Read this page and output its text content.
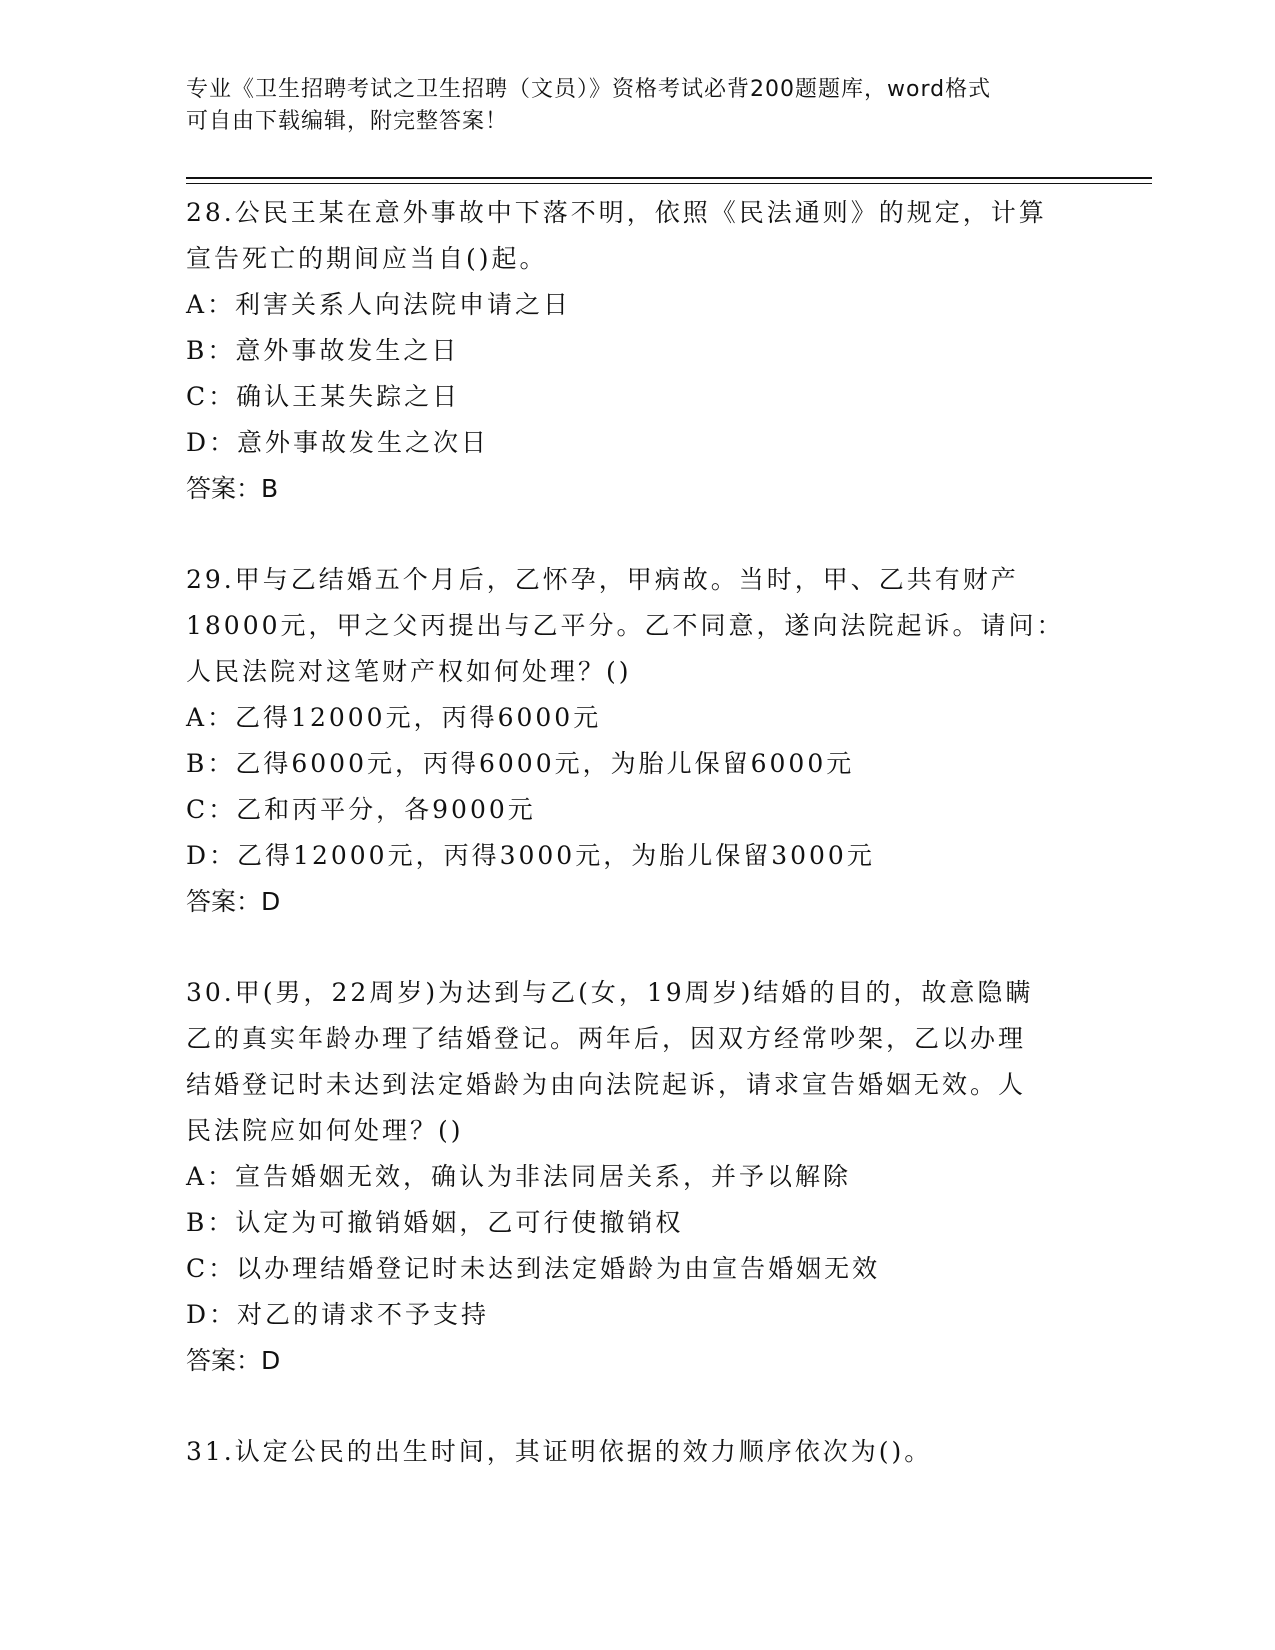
专业《卫生招聘考试之卫生招聘（文员）》资格考试必背200题题库，word格式
可自由下载编辑，附完整答案！

28.公民王某在意外事故中下落不明，依照《民法通则》的规定，计算

宣告死亡的期间应当自()起。

A：利害关系人向法院申请之日

B：意外事故发生之日

C：确认王某失踪之日

D：意外事故发生之次日

答案：B

29.甲与乙结婚五个月后，乙怀孕，甲病故。当时，甲、乙共有财产

18000元，甲之父丙提出与乙平分。乙不同意，遂向法院起诉。请问：

人民法院对这笔财产权如何处理？()

A：乙得12000元，丙得6000元

B：乙得6000元，丙得6000元，为胎儿保留6000元

C：乙和丙平分，各9000元

D：乙得12000元，丙得3000元，为胎儿保留3000元

答案：D

30.甲(男，22周岁)为达到与乙(女，19周岁)结婚的目的，故意隐瞒

乙的真实年龄办理了结婚登记。两年后，因双方经常吵架，乙以办理

结婚登记时未达到法定婚龄为由向法院起诉，请求宣告婚姻无效。人

民法院应如何处理？()

A：宣告婚姻无效，确认为非法同居关系，并予以解除

B：认定为可撤销婚姻，乙可行使撤销权

C：以办理结婚登记时未达到法定婚龄为由宣告婚姻无效

D：对乙的请求不予支持

答案：D

31.认定公民的出生时间，其证明依据的效力顺序依次为()。
